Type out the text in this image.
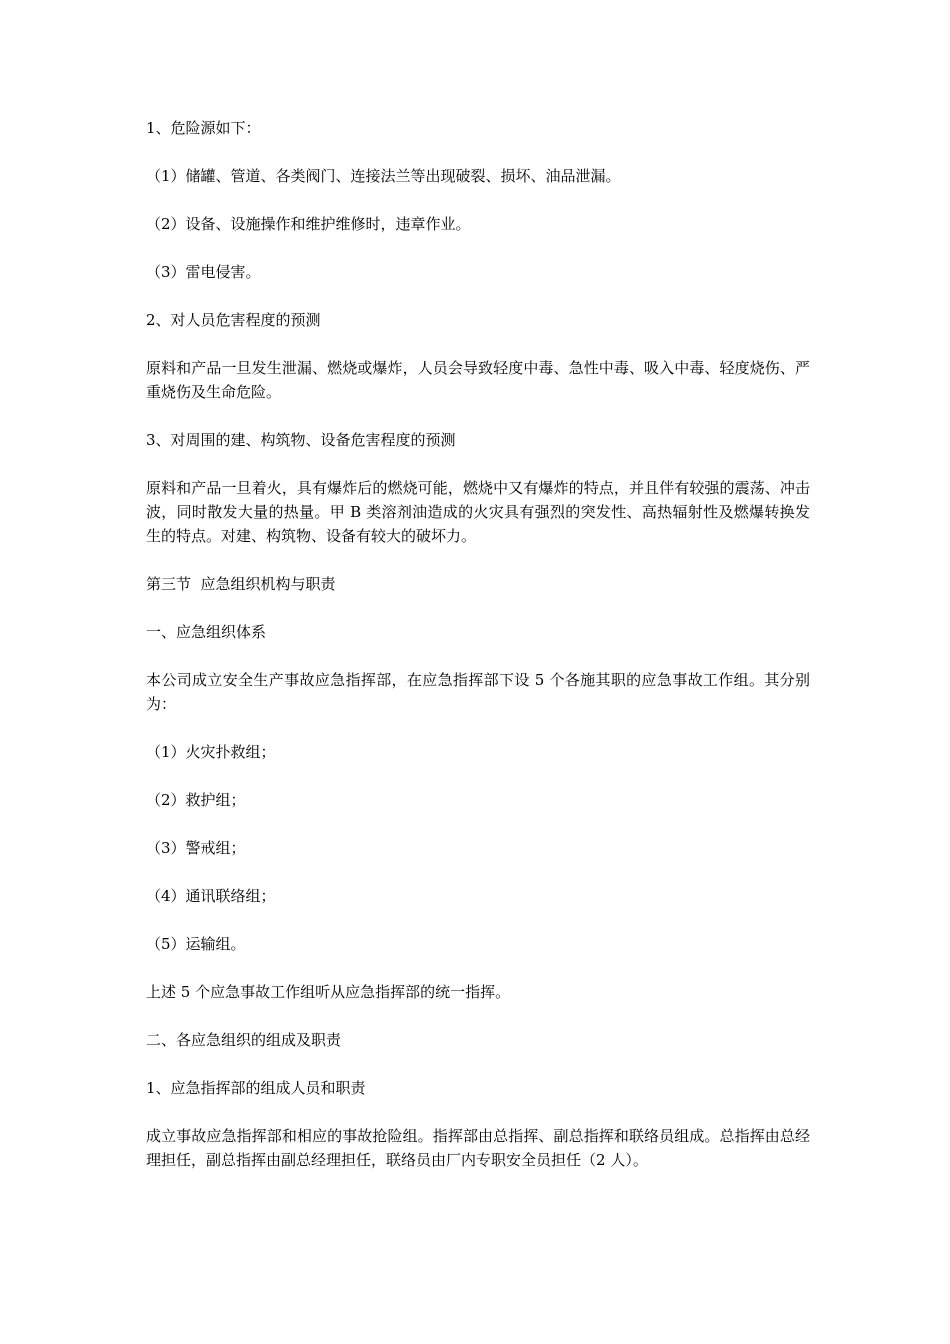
1、危险源如下：

（1）储罐、管道、各类阀门、连接法兰等出现破裂、损坏、油品泄漏。

（2）设备、设施操作和维护维修时，违章作业。

（3）雷电侵害。

2、对人员危害程度的预测

原料和产品一旦发生泄漏、燃烧或爆炸，人员会导致轻度中毒、急性中毒、吸入中毒、轻度烧伤、严重烧伤及生命危险。

3、对周围的建、构筑物、设备危害程度的预测

原料和产品一旦着火，具有爆炸后的燃烧可能，燃烧中又有爆炸的特点，并且伴有较强的震荡、冲击波，同时散发大量的热量。甲 B 类溶剂油造成的火灾具有强烈的突发性、高热辐射性及燃爆转换发生的特点。对建、构筑物、设备有较大的破坏力。

第三节  应急组织机构与职责

一、应急组织体系

本公司成立安全生产事故应急指挥部，在应急指挥部下设 5 个各施其职的应急事故工作组。其分别为：

（1）火灾扑救组；

（2）救护组；

（3）警戒组；

（4）通讯联络组；

（5）运输组。

上述 5 个应急事故工作组听从应急指挥部的统一指挥。

二、各应急组织的组成及职责

1、应急指挥部的组成人员和职责

成立事故应急指挥部和相应的事故抢险组。指挥部由总指挥、副总指挥和联络员组成。总指挥由总经理担任，副总指挥由副总经理担任，联络员由厂内专职安全员担任（2 人）。
